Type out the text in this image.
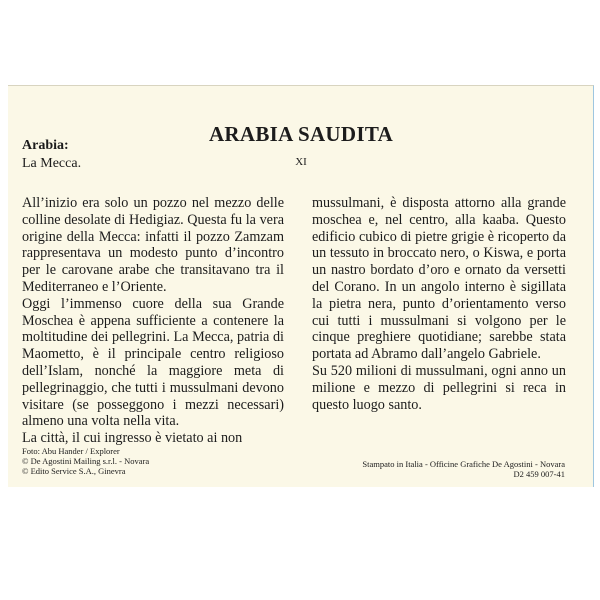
ARABIA SAUDITA
Arabia:
La Mecca.	XI

All’inizio era solo un pozzo nel mezzo delle colline desolate di Hedigiaz. Questa fu la vera origine della Mecca: infatti il pozzo Zamzam rappresentava un modesto punto d’incontro per le carovane arabe che transitavano tra il Mediterraneo e l’Oriente.

Oggi l’immenso cuore della sua Grande Moschea è appena sufficiente a contenere la moltitudine dei pellegrini. La Mecca, patria di Maometto, è il principale centro religioso dell’Islam, nonché la maggiore meta di pellegrinaggio, che tutti i mussulmani devono visitare (se posseggono i mezzi necessari) almeno una volta nella vita.

La città, il cui ingresso è vietato ai non

mussulmani, è disposta attorno alla grande moschea e, nel centro, alla kaaba. Questo edificio cubico di pietre grigie è ricoperto da un tessuto in broccato nero, o Kiswa, e porta un nastro bordato d’oro e ornato da versetti del Corano. In un angolo interno è sigillata la pietra nera, punto d’orientamento verso cui tutti i mussulmani si volgono per le cinque preghiere quotidiane; sarebbe stata portata ad Abramo dall’angelo Gabriele.

Su 520 milioni di mussulmani, ogni anno un milione e mezzo di pellegrini si reca in questo luogo santo.

Foto: Abu Hander / Explorer
© De Agostini Mailing s.r.l. - Novara
© Edito Service S.A., Ginevra
Stampato in Italia - Officine Grafiche De Agostini - Novara
D2 459 007-41
